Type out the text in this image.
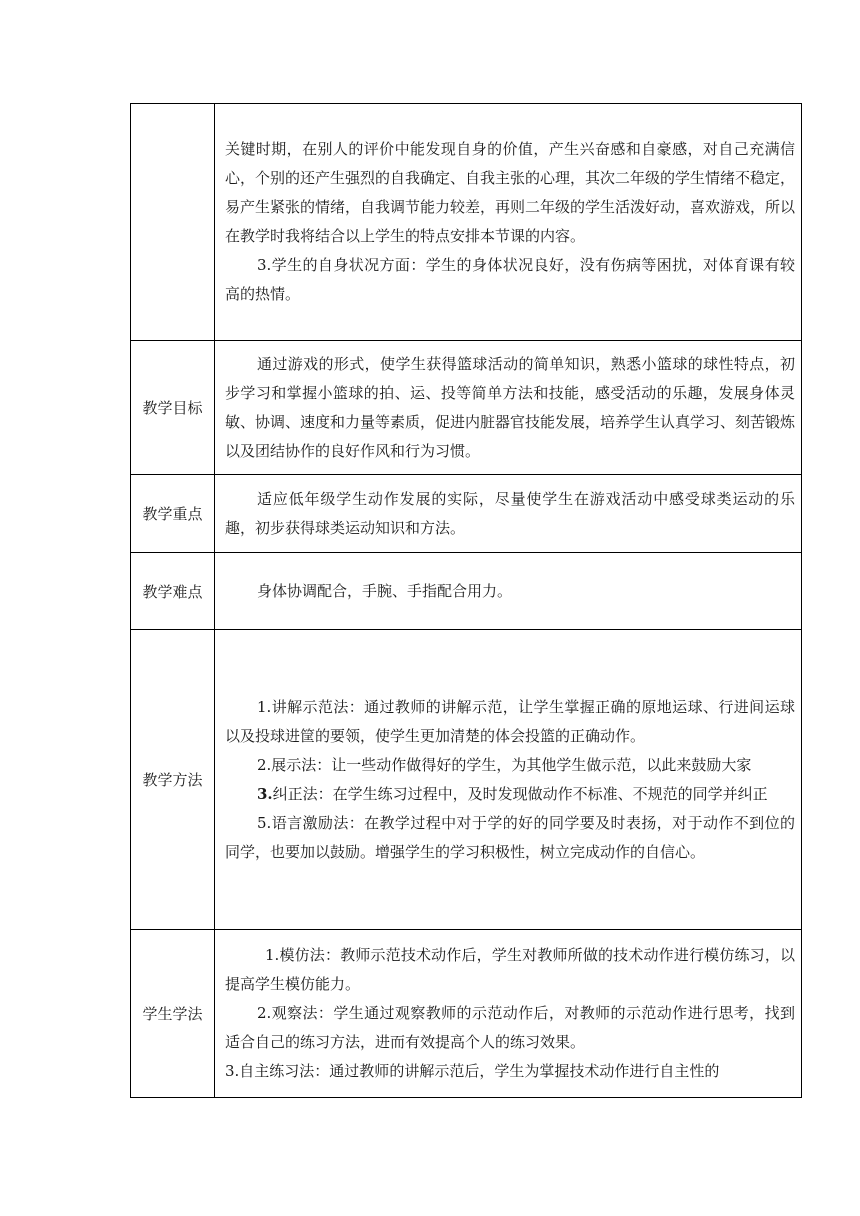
	关键时期，在别人的评价中能发现自身的价值，产生兴奋感和自豪感，对自己充满信心，个别的还产生强烈的自我确定、自我主张的心理，其次二年级的学生情绪不稳定，易产生紧张的情绪，自我调节能力较差，再则二年级的学生活泼好动，喜欢游戏，所以在教学时我将结合以上学生的特点安排本节课的内容。

3.学生的自身状况方面：学生的身体状况良好，没有伤病等困扰，对体育课有较高的热情。

教学目标	通过游戏的形式，使学生获得篮球活动的简单知识，熟悉小篮球的球性特点，初步学习和掌握小篮球的拍、运、投等简单方法和技能，感受活动的乐趣，发展身体灵敏、协调、速度和力量等素质，促进内脏器官技能发展，培养学生认真学习、刻苦锻炼以及团结协作的良好作风和行为习惯。

教学重点	适应低年级学生动作发展的实际，尽量使学生在游戏活动中感受球类运动的乐趣，初步获得球类运动知识和方法。

教学难点	身体协调配合，手腕、手指配合用力。

教学方法	1.讲解示范法：通过教师的讲解示范，让学生掌握正确的原地运球、行进间运球以及投球进筐的要领，使学生更加清楚的体会投篮的正确动作。

2.展示法：让一些动作做得好的学生，为其他学生做示范，以此来鼓励大家

3.纠正法：在学生练习过程中，及时发现做动作不标准、不规范的同学并纠正

5.语言激励法：在教学过程中对于学的好的同学要及时表扬，对于动作不到位的同学，也要加以鼓励。增强学生的学习积极性，树立完成动作的自信心。

学生学法	1.模仿法：教师示范技术动作后，学生对教师所做的技术动作进行模仿练习，以提高学生模仿能力。

2.观察法：学生通过观察教师的示范动作后，对教师的示范动作进行思考，找到适合自己的练习方法，进而有效提高个人的练习效果。

3.自主练习法：通过教师的讲解示范后，学生为掌握技术动作进行自主性的
